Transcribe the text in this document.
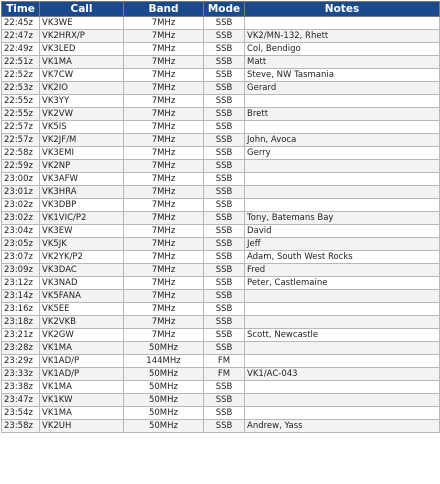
Time	Call	Band	Mode	Notes
22:45z	VK3WE	7MHz	SSB	
22:47z	VK2HRX/P	7MHz	SSB	VK2/MN-132, Rhett
22:49z	VK3LED	7MHz	SSB	Col, Bendigo
22:51z	VK1MA	7MHz	SSB	Matt
22:52z	VK7CW	7MHz	SSB	Steve, NW Tasmania
22:53z	VK2IO	7MHz	SSB	Gerard
22:55z	VK3YY	7MHz	SSB	
22:55z	VK2VW	7MHz	SSB	Brett
22:57z	VK5IS	7MHz	SSB	
22:57z	VK2JF/M	7MHz	SSB	John, Avoca
22:58z	VK3EMI	7MHz	SSB	Gerry
22:59z	VK2NP	7MHz	SSB	
23:00z	VK3AFW	7MHz	SSB	
23:01z	VK3HRA	7MHz	SSB	
23:02z	VK3DBP	7MHz	SSB	
23:02z	VK1VIC/P2	7MHz	SSB	Tony, Batemans Bay
23:04z	VK3EW	7MHz	SSB	David
23:05z	VK5JK	7MHz	SSB	Jeff
23:07z	VK2YK/P2	7MHz	SSB	Adam, South West Rocks
23:09z	VK3DAC	7MHz	SSB	Fred
23:12z	VK3NAD	7MHz	SSB	Peter, Castlemaine
23:14z	VK5FANA	7MHz	SSB	
23:16z	VK5EE	7MHz	SSB	
23:18z	VK2VKB	7MHz	SSB	
23:21z	VK2GW	7MHz	SSB	Scott, Newcastle
23:28z	VK1MA	50MHz	SSB	
23:29z	VK1AD/P	144MHz	FM	
23:33z	VK1AD/P	50MHz	FM	VK1/AC-043
23:38z	VK1MA	50MHz	SSB	
23:47z	VK1KW	50MHz	SSB	
23:54z	VK1MA	50MHz	SSB	
23:58z	VK2UH	50MHz	SSB	Andrew, Yass
